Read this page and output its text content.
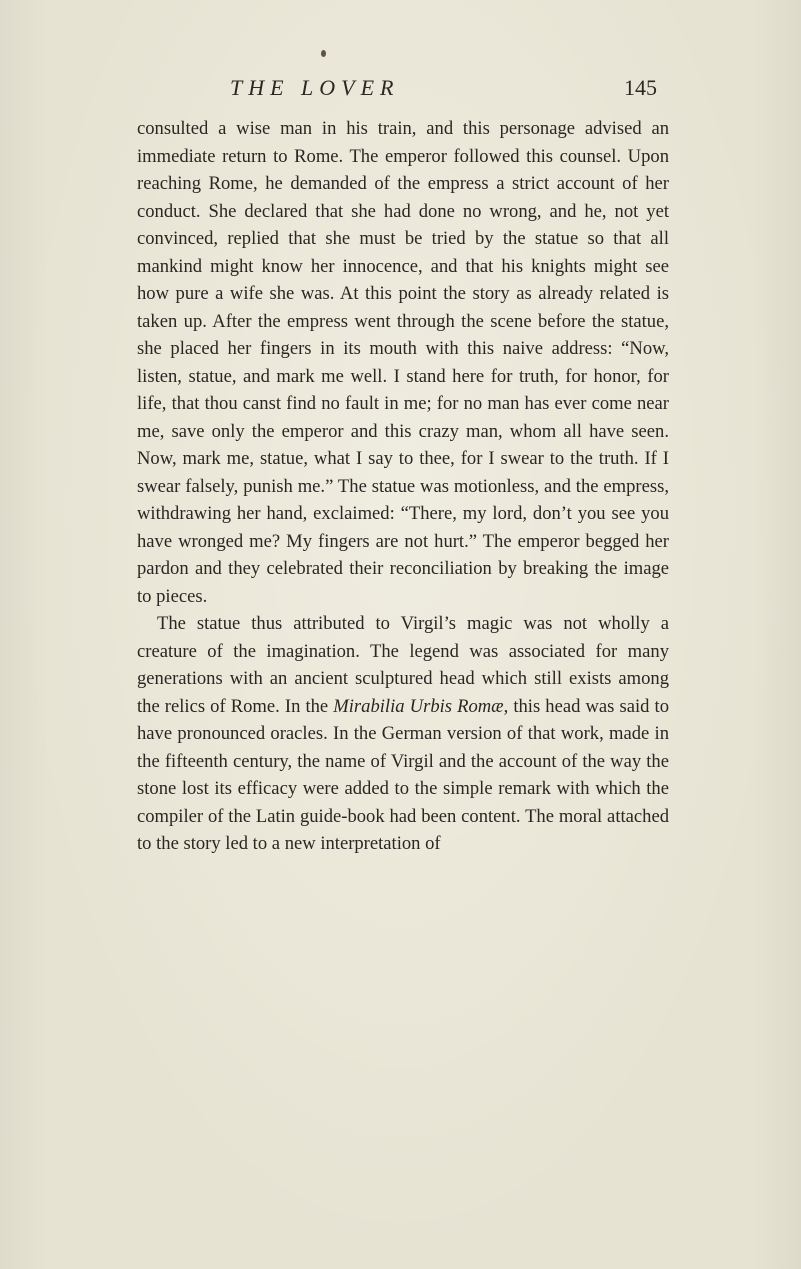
THE LOVER	145

consulted a wise man in his train, and this personage advised an immediate return to Rome. The emperor followed this counsel. Upon reaching Rome, he demanded of the empress a strict account of her conduct. She declared that she had done no wrong, and he, not yet convinced, replied that she must be tried by the statue so that all mankind might know her innocence, and that his knights might see how pure a wife she was. At this point the story as already related is taken up. After the empress went through the scene before the statue, she placed her fingers in its mouth with this naive address: “Now, listen, statue, and mark me well. I stand here for truth, for honor, for life, that thou canst find no fault in me; for no man has ever come near me, save only the emperor and this crazy man, whom all have seen. Now, mark me, statue, what I say to thee, for I swear to the truth. If I swear falsely, punish me.” The statue was motionless, and the empress, withdrawing her hand, exclaimed: “There, my lord, don’t you see you have wronged me? My fingers are not hurt.” The emperor begged her pardon and they celebrated their reconciliation by breaking the image to pieces.

The statue thus attributed to Virgil’s magic was not wholly a creature of the imagination. The legend was associated for many generations with an ancient sculptured head which still exists among the relics of Rome. In the Mirabilia Urbis Romæ, this head was said to have pronounced oracles. In the German version of that work, made in the fifteenth century, the name of Virgil and the account of the way the stone lost its efficacy were added to the simple remark with which the compiler of the Latin guide-book had been content. The moral attached to the story led to a new interpretation of
